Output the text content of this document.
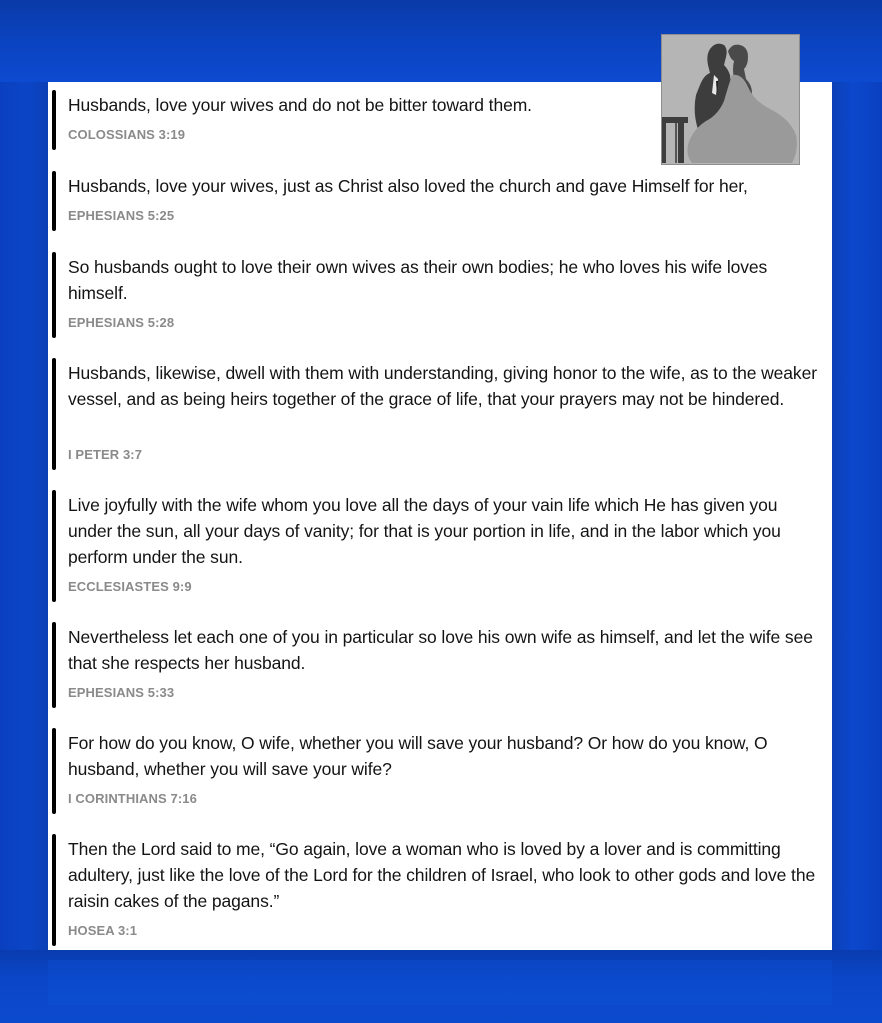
Husbands, love your wives and do not be bitter toward them.
COLOSSIANS 3:19
Husbands, love your wives, just as Christ also loved the church and gave Himself for her,
EPHESIANS 5:25
So husbands ought to love their own wives as their own bodies; he who loves his wife loves himself.
EPHESIANS 5:28
Husbands, likewise, dwell with them with understanding, giving honor to the wife, as to the weaker vessel, and as being heirs together of the grace of life, that your prayers may not be hindered.
I PETER 3:7
Live joyfully with the wife whom you love all the days of your vain life which He has given you under the sun, all your days of vanity; for that is your portion in life, and in the labor which you perform under the sun.
ECCLESIASTES 9:9
Nevertheless let each one of you in particular so love his own wife as himself, and let the wife see that she respects her husband.
EPHESIANS 5:33
For how do you know, O wife, whether you will save your husband? Or how do you know, O husband, whether you will save your wife?
I CORINTHIANS 7:16
Then the Lord said to me, “Go again, love a woman who is loved by a lover and is committing adultery, just like the love of the Lord for the children of Israel, who look to other gods and love the raisin cakes of the pagans.”
HOSEA 3:1
